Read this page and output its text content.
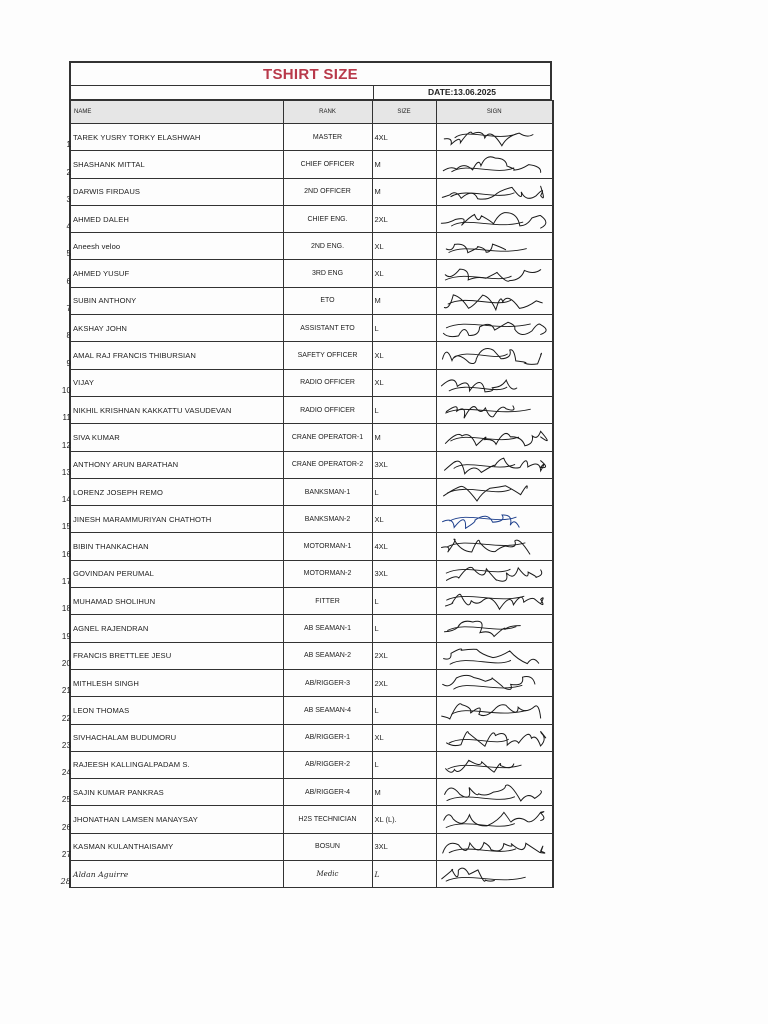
TSHIRT SIZE
DATE:13.06.2025
NAME	RANK	SIZE	SIGN

1
TAREK YUSRY TORKY ELASHWAH	MASTER	4XL	

2
SHASHANK MITTAL	CHIEF OFFICER	M	

3
DARWIS FIRDAUS	2ND OFFICER	M	

4
AHMED DALEH	CHIEF ENG.	2XL	

5
Aneesh veloo	2ND ENG.	XL	

6
AHMED YUSUF	3RD ENG	XL	

7
SUBIN ANTHONY	ETO	M	

8
AKSHAY JOHN	ASSISTANT ETO	L	

9
AMAL RAJ FRANCIS THIBURSIAN	SAFETY OFFICER	XL	

10
VIJAY	RADIO OFFICER	XL	

11
NIKHIL KRISHNAN KAKKATTU VASUDEVAN	RADIO OFFICER	L	

12
SIVA KUMAR	CRANE OPERATOR-1	M	

13
ANTHONY ARUN BARATHAN	CRANE OPERATOR-2	3XL	

14
LORENZ JOSEPH REMO	BANKSMAN-1	L	

15
JINESH MARAMMURIYAN CHATHOTH	BANKSMAN-2	XL	

16
BIBIN THANKACHAN	MOTORMAN-1	4XL	

17
GOVINDAN PERUMAL	MOTORMAN-2	3XL	

18
MUHAMAD SHOLIHUN	FITTER	L	

19
AGNEL RAJENDRAN	AB SEAMAN-1	L	

20
FRANCIS BRETTLEE JESU	AB SEAMAN-2	2XL	

21
MITHLESH SINGH	AB/RIGGER-3	2XL	

22
LEON THOMAS	AB SEAMAN-4	L	

23
SIVHACHALAM BUDUMORU	AB/RIGGER-1	XL	

24
RAJEESH KALLINGALPADAM S.	AB/RIGGER-2	L	

25
SAJIN KUMAR PANKRAS	AB/RIGGER-4	M	

26
JHONATHAN LAMSEN MANAYSAY	H2S TECHNICIAN	XL (L).	

27
KASMAN KULANTHAISAMY	BOSUN	3XL	

28
Aldan Aguirre	Medic	L	
